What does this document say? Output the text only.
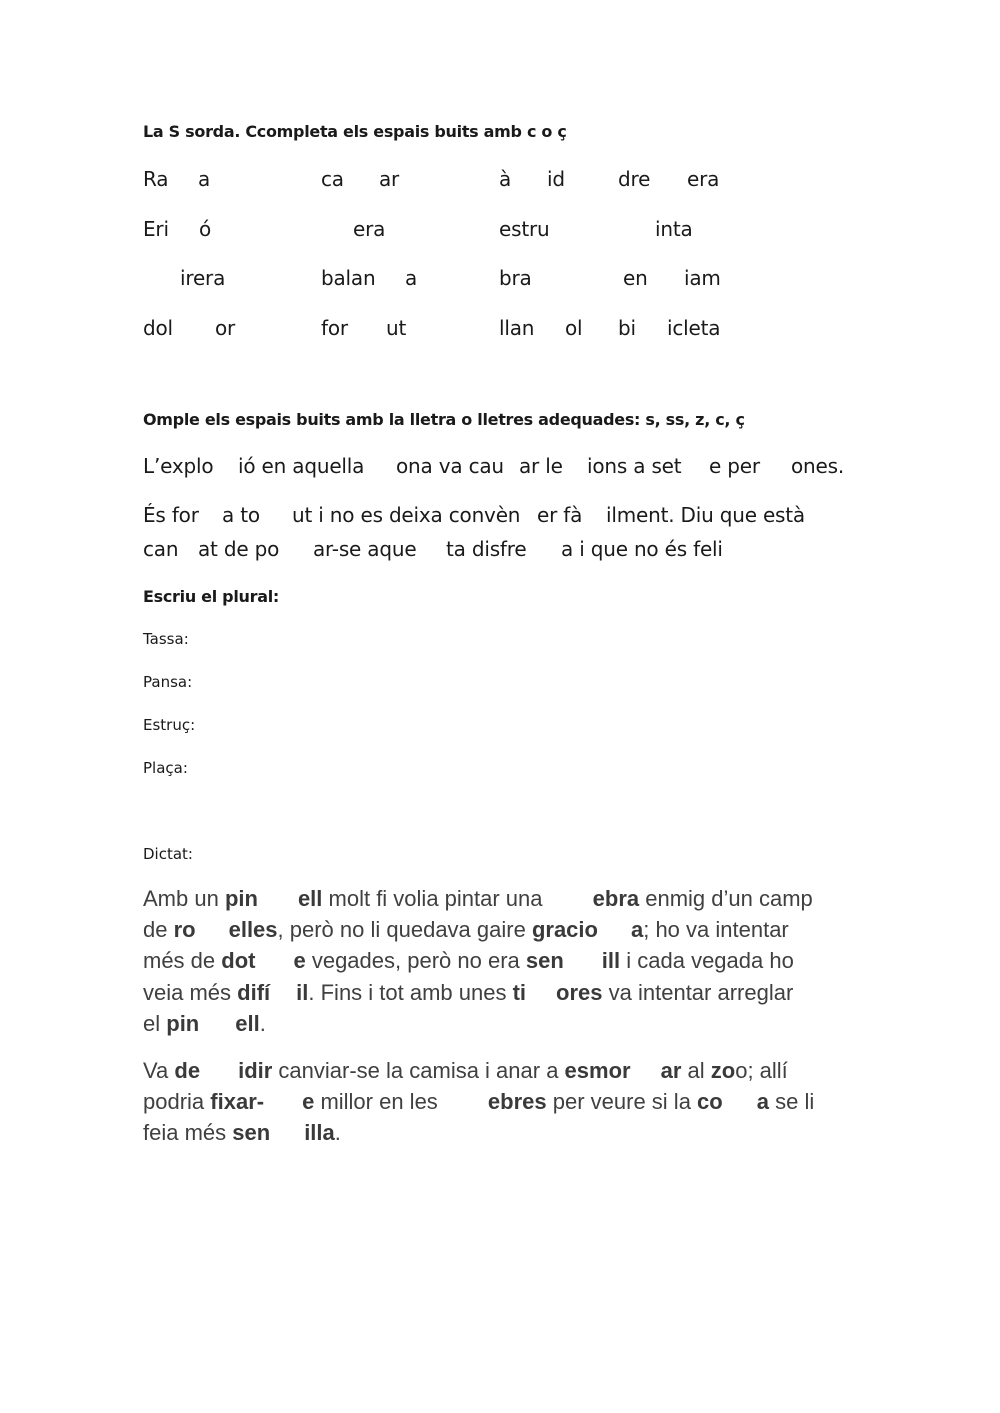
La S sorda. Ccompleta els espais buits amb c o ç
Ra a	ca ar	à id	dre era
Eri ó	era	estru	inta
irera	balan a	bra	en iam
dol or	for ut	llan ol bi icleta
Omple els espais buits amb la lletra o lletres adequades: s, ss, z, c, ç
L’explo ió en aquella ona va cau ar le ions a set e per ones.
És for a to ut i no es deixa convèn er fà ilment. Diu que està
can at de po ar-se aque ta disfre a i que no és feli
Escriu el plural:
Tassa:
Pansa:
Estruç:
Plaça:
Dictat:
Amb un pin ell molt fi volia pintar una ebra enmig d’un camp
de ro elles, però no li quedava gaire gracio a; ho va intentar
més de dot e vegades, però no era sen ill i cada vegada ho
veia més difí il. Fins i tot amb unes ti ores va intentar arreglar
el pin ell.
Va de idir canviar-se la camisa i anar a esmor ar al zoo; allí
podria fixar- e millor en les ebres per veure si la co a se li
feia més sen illa.
